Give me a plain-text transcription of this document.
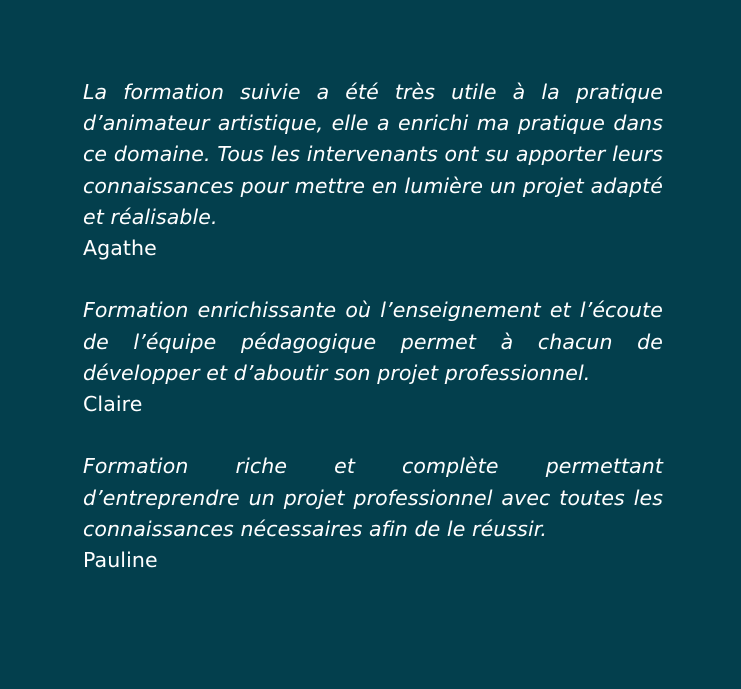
La formation suivie a été très utile à la pratique d’animateur artistique, elle a enrichi ma pratique dans ce domaine. Tous les intervenants ont su apporter leurs connaissances pour mettre en lumière un projet adapté et réalisable.

Agathe

Formation enrichissante où l’enseignement et l’écoute de l’équipe pédagogique permet à chacun de développer et d’aboutir son projet professionnel.

Claire

Formation riche et complète permettant d’entreprendre un projet professionnel avec toutes les connaissances nécessaires afin de le réussir.

Pauline
